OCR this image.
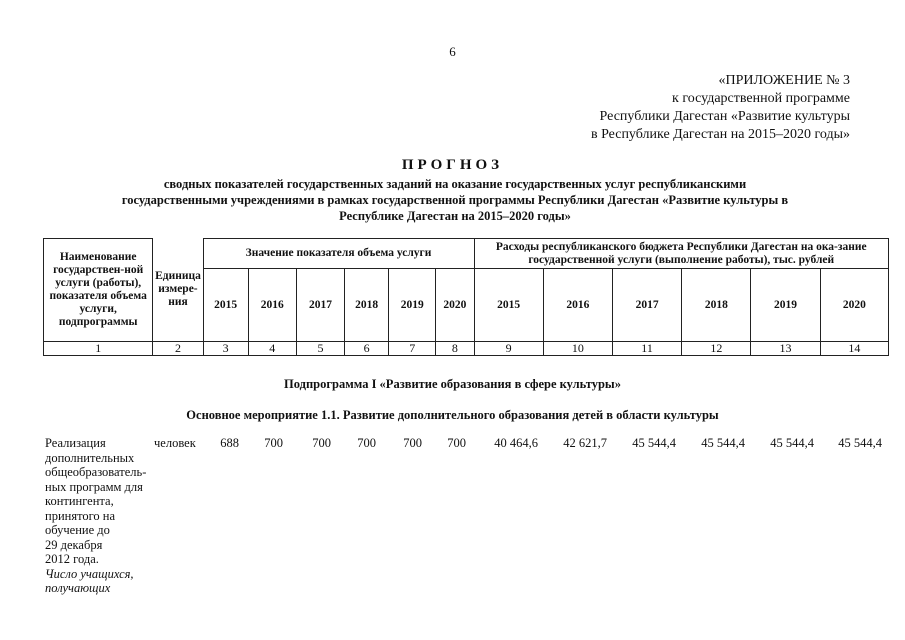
6
«ПРИЛОЖЕНИЕ № 3
к государственной программе
Республики Дагестан «Развитие культуры
в Республике Дагестан на 2015–2020 годы»
ПРОГНОЗ
сводных показателей государственных заданий на оказание государственных услуг республиканскими
государственными учреждениями в рамках государственной программы Республики Дагестан «Развитие культуры в
Республике Дагестан на 2015–2020 годы»
Наименование государствен-ной услуги (работы), показателя объема услуги, подпрограммы	Единица измере-ния	Значение показателя объема услуги						Расходы республиканского бюджета Республики Дагестан на ока-зание государственной услуги (выполнение работы), тыс. рублей					

		2015	2016	2017	2018	2019	2020	2015	2016	2017	2018	2019	2020
1	2	3	4	5	6	7	8	9	10	11	12	13	14
Подпрограмма I «Развитие образования в сфере культуры»
Основное мероприятие 1.1. Развитие дополнительного образования детей в области культуры
Реализация
дополнительных
общеобразователь-
ных программ для
контингента,
принятого на
обучение до
29 декабря
2012 года.
Число учащихся,
получающих
человек	688	700	700	700	700	700	40 464,6	42 621,7	45 544,4	45 544,4	45 544,4	45 544,4
